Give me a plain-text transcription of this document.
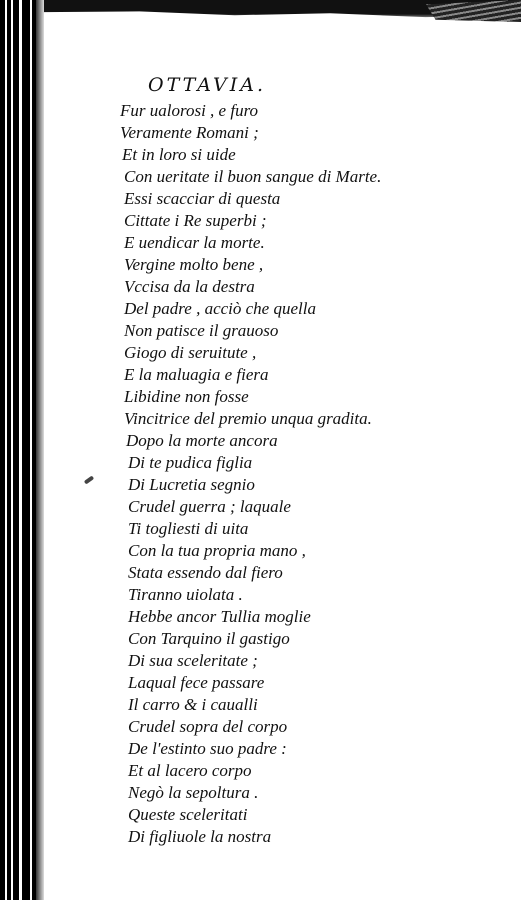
OTTAVIA.
Fur ualorosi , e furo
Veramente Romani ;
Et in loro si uide
Con ueritate il buon sangue di Marte.
Essi scacciar di questa
Cittate i Re superbi ;
E uendicar la morte.
Vergine molto bene ,
Vccisa da la destra
Del padre , acciò che quella
Non patisce il grauoso
Giogo di seruitute ,
E la maluagia e fiera
Libidine non fosse
Vincitrice del premio unqua gradita.
Dopo la morte ancora
Di te pudica figlia
Di Lucretia segnio
Crudel guerra ; laquale
Ti togliesti di uita
Con la tua propria mano ,
Stata essendo dal fiero
Tiranno uiolata .
Hebbe ancor Tullia moglie
Con Tarquino il gastigo
Di sua sceleritate ;
Laqual fece passare
Il carro & i caualli
Crudel sopra del corpo
De l'estinto suo padre :
Et al lacero corpo
Negò la sepoltura .
Queste sceleritati
Di figliuole la nostra
